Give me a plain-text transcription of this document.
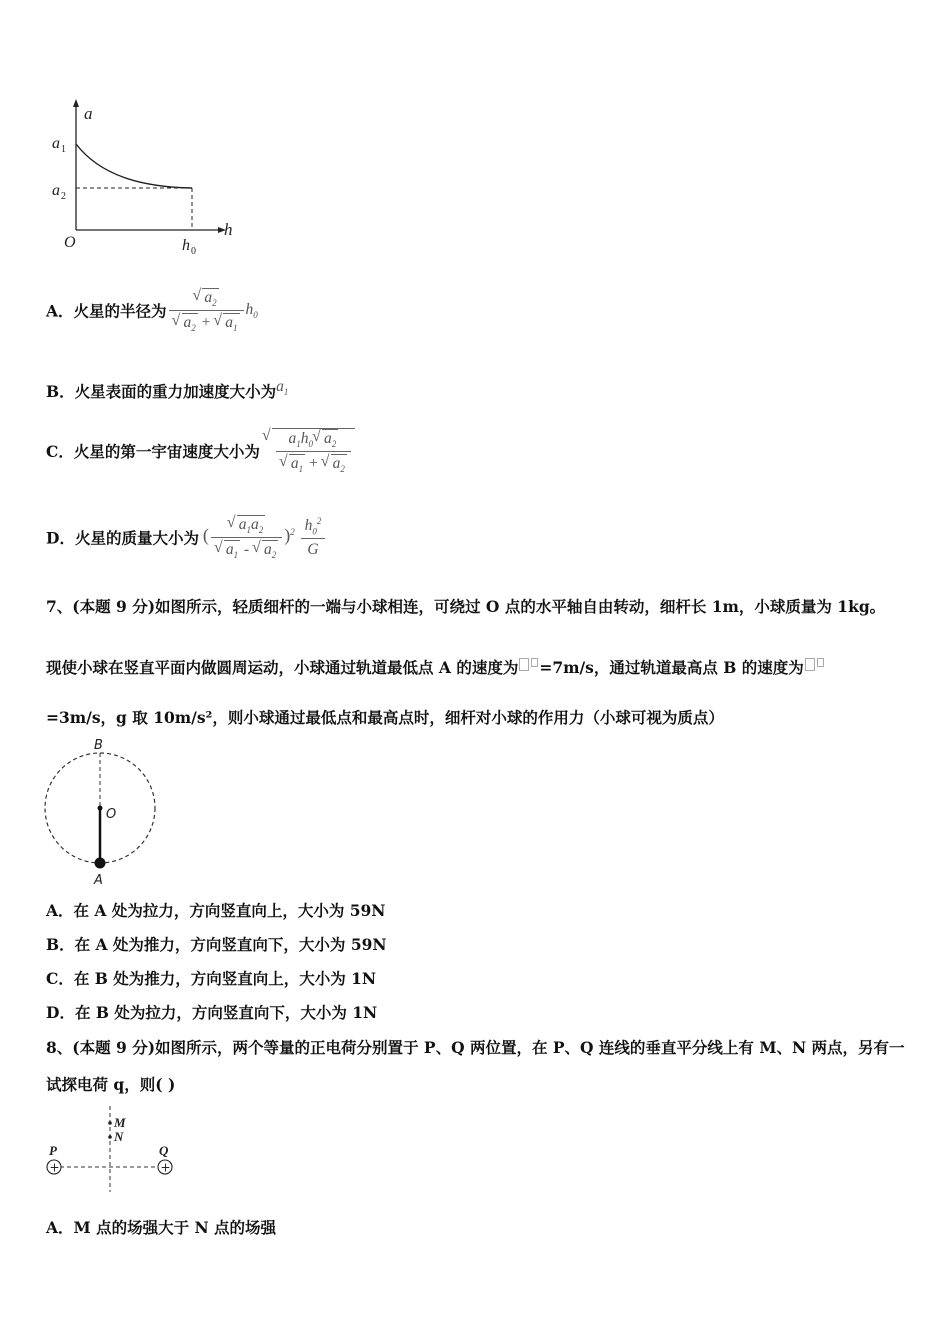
a
h
O
a 1
a 2
h 0
A．火星的半径为
√ $a_2$
√ $a_2$ + √ $a_1$ $h_0$
B．火星表面的重力加速度大小为$a_1$
C．火星的第一宇宙速度大小为
√ $a_1h_0√$ $a_2$
√ $a_1$ + √ $a_2$
D．火星的质量大小为 (
√ $a_1a_2$
√ $a_1$ - √ $a_2$ )$^2 \frac{h_0^2}{G}$
7、(本题 9 分)如图所示，轻质细杆的一端与小球相连，可绕过 O 点的水平轴自由转动，细杆长 1m，小球质量为 1kg。
现使小球在竖直平面内做圆周运动，小球通过轨道最低点 A 的速度为 =7m/s，通过轨道最高点 B 的速度为
=3m/s，g 取 10m/s²，则小球通过最低点和最高点时，细杆对小球的作用力（小球可视为质点）
B
O
A
A．在 A 处为拉力，方向竖直向上，大小为 59N
B．在 A 处为推力，方向竖直向下，大小为 59N
C．在 B 处为推力，方向竖直向上，大小为 1N
D．在 B 处为拉力，方向竖直向下，大小为 1N
8、(本题 9 分)如图所示，两个等量的正电荷分别置于 P、Q 两位置，在 P、Q 连线的垂直平分线上有 M、N 两点，另有一
试探电荷 q，则( )
+	+
P	Q
M
N
A．M 点的场强大于 N 点的场强
